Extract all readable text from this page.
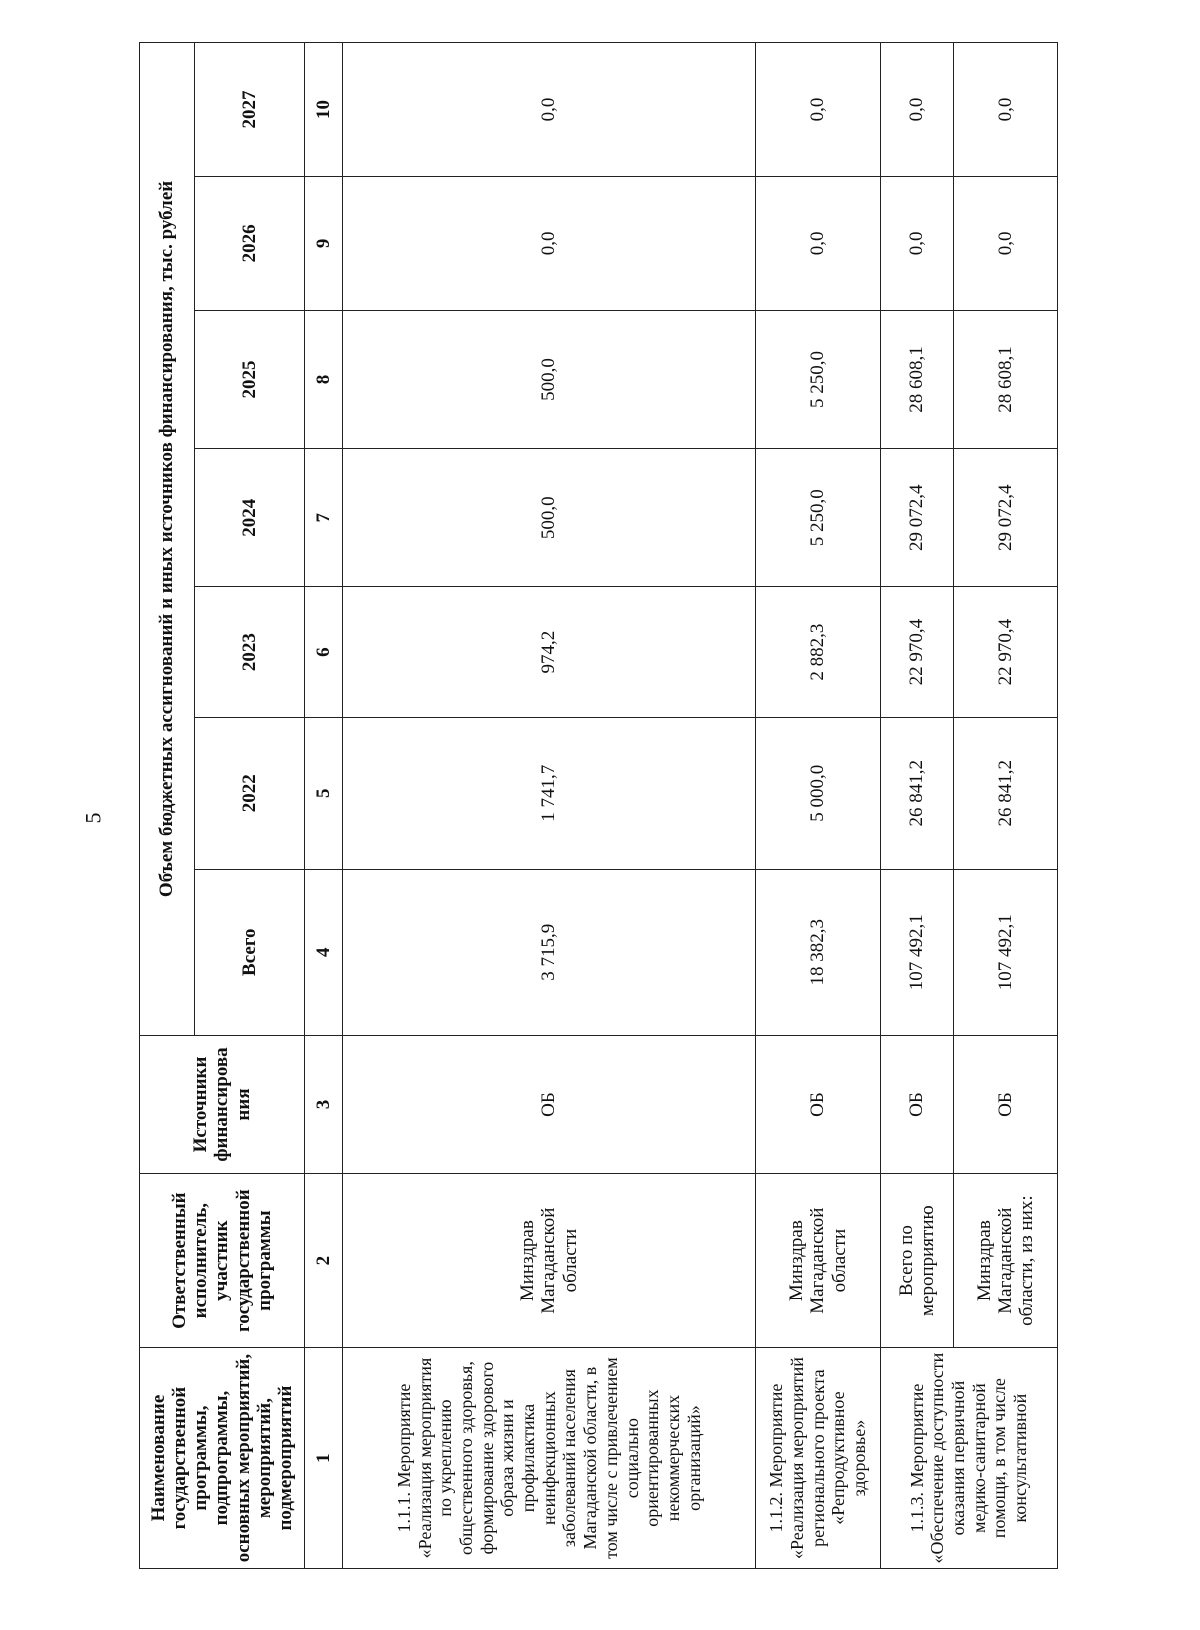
5
Наименование государственной программы, подпрограммы, основных мероприятий, мероприятий, подмероприятий	Ответственный исполнитель, участник государственной программы	Источники финансирова ния	Объем бюджетных ассигнований и иных источников финансирования, тыс. рублей						
			Всего	2022	2023	2024	2025	2026	2027
1	2	3	4	5	6	7	8	9	10
1.1.1. Мероприятие «Реализация мероприятия по укреплению общественного здоровья, формирование здорового образа жизни и профилактика неинфекционных заболеваний населения Магаданской области, в том числе с привлечением социально ориентированных некоммерческих организаций»	Минздрав Магаданской области	ОБ	3 715,9	1 741,7	974,2	500,0	500,0	0,0	0,0
1.1.2. Мероприятие «Реализация мероприятий регионального проекта «Репродуктивное здоровье»	Минздрав Магаданской области	ОБ	18 382,3	5 000,0	2 882,3	5 250,0	5 250,0	0,0	0,0
1.1.3. Мероприятие «Обеспечение доступности оказания первичной медико-санитарной помощи, в том числе консультативной	Всего по мероприятию	ОБ	107 492,1	26 841,2	22 970,4	29 072,4	28 608,1	0,0	0,0
	Минздрав Магаданской области, из них:	ОБ	107 492,1	26 841,2	22 970,4	29 072,4	28 608,1	0,0	0,0
